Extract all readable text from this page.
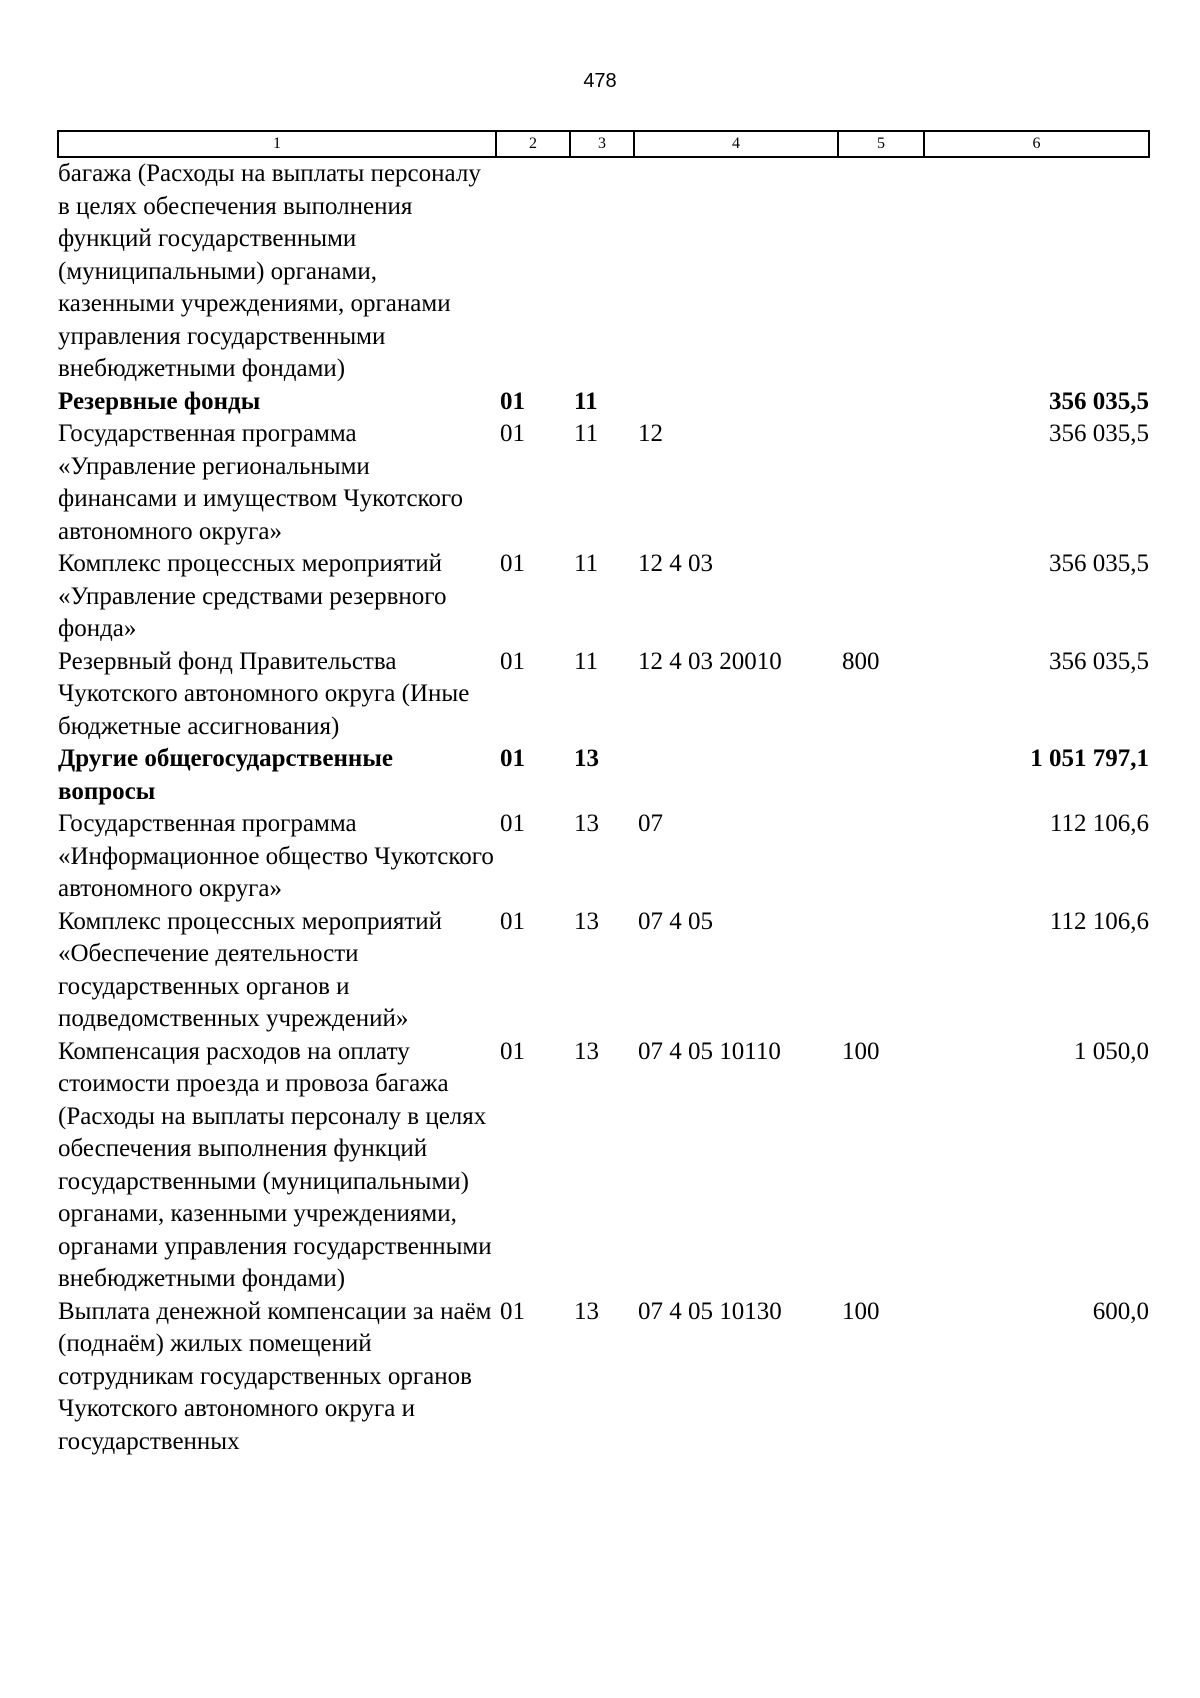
478
1	2	3	4	5	6
багажа (Расходы на выплаты персоналу в целях обеспечения выполнения функций государственными (муниципальными) органами, казенными учреждениями, органами управления государственными внебюджетными фондами)					
Резервные фонды	01	11			356 035,5
Государственная программа «Управление региональными финансами и имуществом Чукотского автономного округа»	01	11	12		356 035,5
Комплекс процессных мероприятий «Управление средствами резервного фонда»	01	11	12 4 03		356 035,5
Резервный фонд Правительства Чукотского автономного округа (Иные бюджетные ассигнования)	01	11	12 4 03 20010	800	356 035,5
Другие общегосударственные вопросы	01	13			1 051 797,1
Государственная программа «Информационное общество Чукотского автономного округа»	01	13	07		112 106,6
Комплекс процессных мероприятий «Обеспечение деятельности государственных органов и подведомственных учреждений»	01	13	07 4 05		112 106,6
Компенсация расходов на оплату стоимости проезда и провоза багажа (Расходы на выплаты персоналу в целях обеспечения выполнения функций государственными (муниципальными) органами, казенными учреждениями, органами управления государственными внебюджетными фондами)	01	13	07 4 05 10110	100	1 050,0
Выплата денежной компенсации за наём (поднаём) жилых помещений сотрудникам государственных органов Чукотского автономного округа и государственных	01	13	07 4 05 10130	100	600,0
